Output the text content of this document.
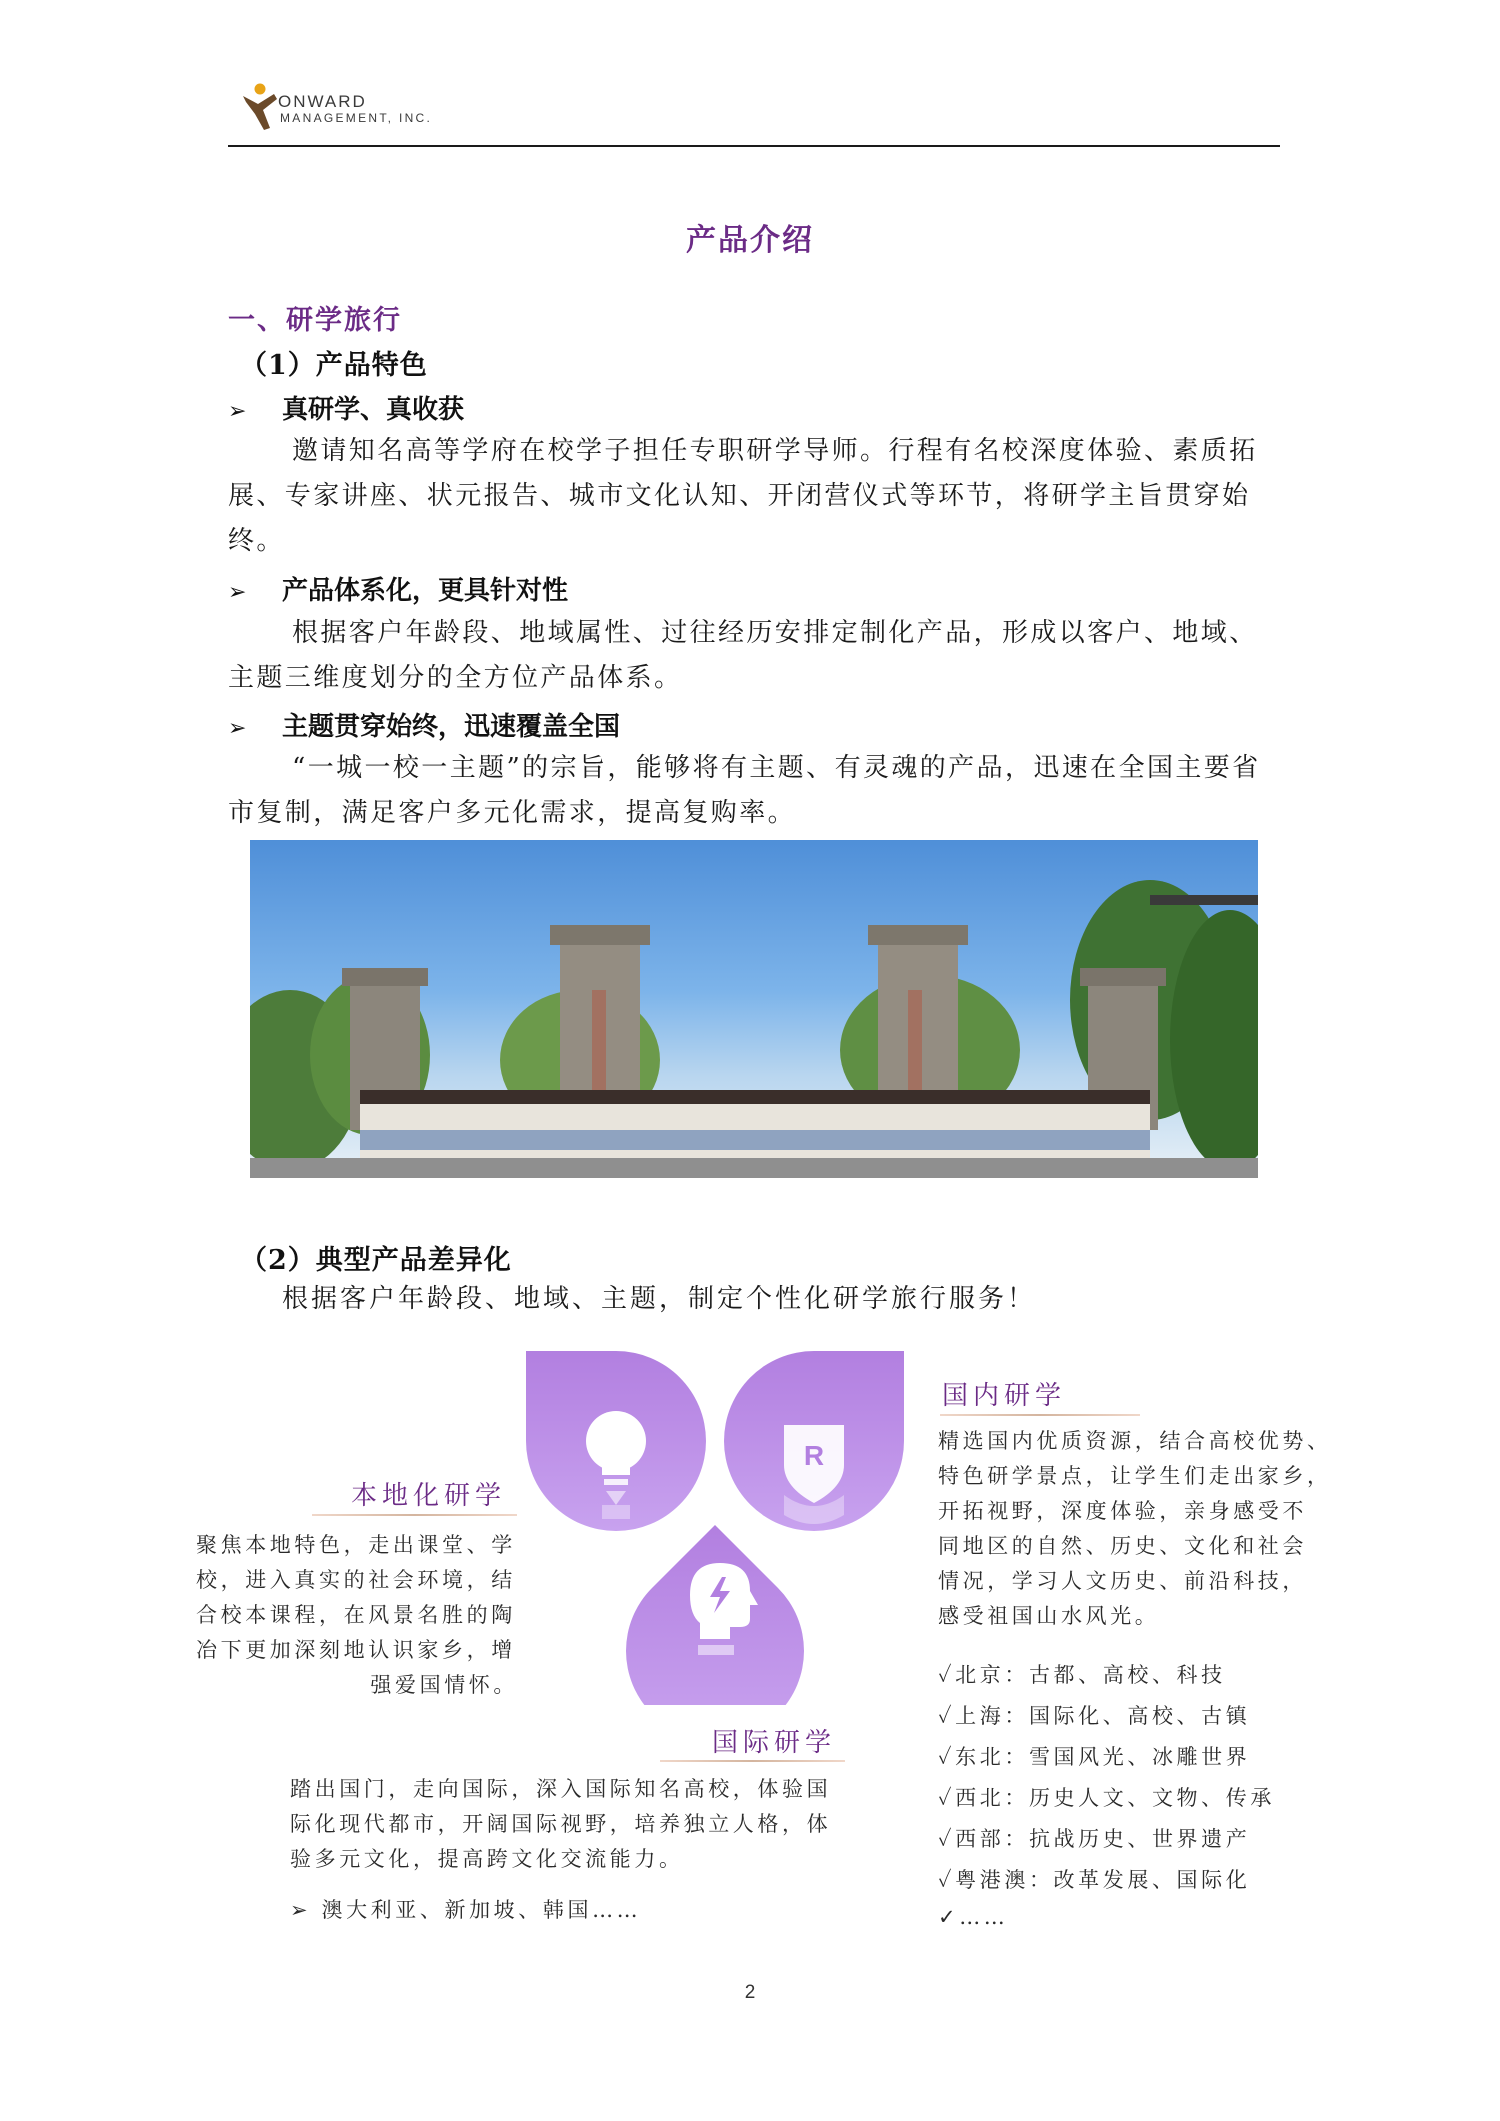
ONWARD
MANAGEMENT, INC.
产品介绍
一、研学旅行
（1）产品特色
➢ 真研学、真收获
邀请知名高等学府在校学子担任专职研学导师。行程有名校深度体验、素质拓展、专家讲座、状元报告、城市文化认知、开闭营仪式等环节，将研学主旨贯穿始终。
➢ 产品体系化，更具针对性
根据客户年龄段、地域属性、过往经历安排定制化产品，形成以客户、地域、主题三维度划分的全方位产品体系。
➢ 主题贯穿始终，迅速覆盖全国
“一城一校一主题”的宗旨，能够将有主题、有灵魂的产品，迅速在全国主要省市复制，满足客户多元化需求，提高复购率。
（2）典型产品差异化
根据客户年龄段、地域、主题，制定个性化研学旅行服务！
R
本地化研学
聚焦本地特色，走出课堂、学
校，进入真实的社会环境，结
合校本课程，在风景名胜的陶
冶下更加深刻地认识家乡，增
强爱国情怀。
国内研学
精选国内优质资源，结合高校优势、
特色研学景点，让学生们走出家乡，
开拓视野，深度体验，亲身感受不
同地区的自然、历史、文化和社会
情况，学习人文历史、前沿科技，
感受祖国山水风光。
✓北京：古都、高校、科技
✓上海：国际化、高校、古镇
✓东北：雪国风光、冰雕世界
✓西北：历史人文、文物、传承
✓西部：抗战历史、世界遗产
✓粤港澳：改革发展、国际化
✓……
国际研学
踏出国门，走向国际，深入国际知名高校，体验国
际化现代都市，开阔国际视野，培养独立人格，体
验多元文化，提高跨文化交流能力。
➢ 澳大利亚、新加坡、韩国……
2
